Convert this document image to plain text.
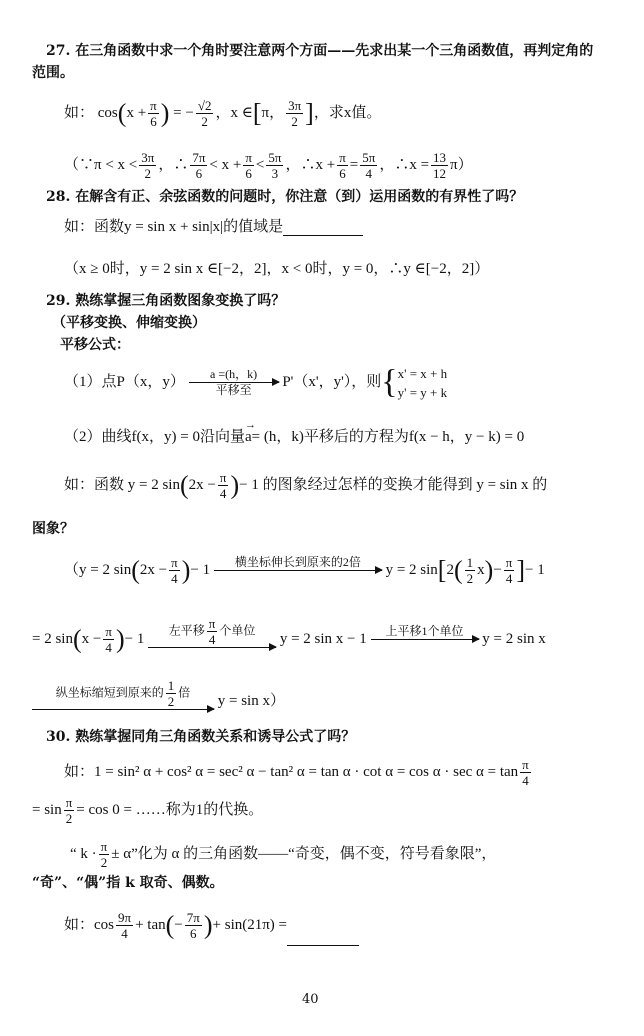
27. 在三角函数中求一个角时要注意两个方面——先求出某一个三角函数值，再判定角的
范围。
如： $\cos(x + \frac{\pi}{6}$ ) = − $\frac{√2}{2}$ ，x ∈[π， $\frac{3\pi}{2}$ ]，求x值。
（∵π < $x < \frac{3\pi}{2}$ ，∴ $\frac{7\pi}{6} < x + \frac{\pi}{6} < \frac{5\pi}{3}$ ，∴x + $\frac{\pi}{6} = \frac{5\pi}{4}$ ，∴x = $\frac{13}{12} \pi$）
28. 在解含有正、余弦函数的问题时，你注意（到）运用函数的有界性了吗？
如：函数y = sin x + sin|x|的值域是
（x ≥ 0时，y = 2 sin x ∈[−2，2]，x < 0时，y = 0，∴y ∈[−2，2]）
29. 熟练掌握三角函数图象变换了吗？
（平移变换、伸缩变换）
平移公式：
（1）点P（x，y）	a =(h，k)
平移至
P'（x'，y'），则{ x' = x + h
y' = y + k
（2）曲线f(x，y) = 0沿向量→ a= (h，k)平移后的方程为f(x − h，y − k) = 0
如：函数 y = 2 $\sin(2x - \frac{\pi}{4}$ )− 1 的图象经过怎样的变换才能得到 y = sin x 的
图象？
（y = 2 $\sin(2x - \frac{\pi}{4}$ )− 1	横坐标伸长到原来的2倍
	y = 2 $\sin[2( \frac{1}{2} x)- \frac{\pi}{4}$ ]− 1
= 2 $\sin(x - \frac{\pi}{4}$ )− 1
左平移 $\frac{\pi}{4}$ 个单位

y = 2 sin x − 1	上平移1个单位
	y = 2 sin x
纵坐标缩短到原来的 $\frac{1}{2}$ 倍

y = sin x）
30. 熟练掌握同角三角函数关系和诱导公式了吗？
如：1 = sin² α + cos² α = sec² α − tan² $\alpha = \tan \alpha \cdot \cot \alpha = \cos \alpha \cdot \sec \alpha = \tan \frac{\pi}{4}$
= $\sin \frac{\pi}{2} = \cos 0$ = ……称为1的代换。
“ $k \cdot \frac{\pi}{2} \pm \alpha$”化为 α 的三角函数——“奇变，偶不变，符号看象限”，
“奇”、“偶”指 k 取奇、偶数。
如：$\cos \frac{9\pi}{4} + \tan(- \frac{7\pi}{6}$ )+ sin(21π) =
40
